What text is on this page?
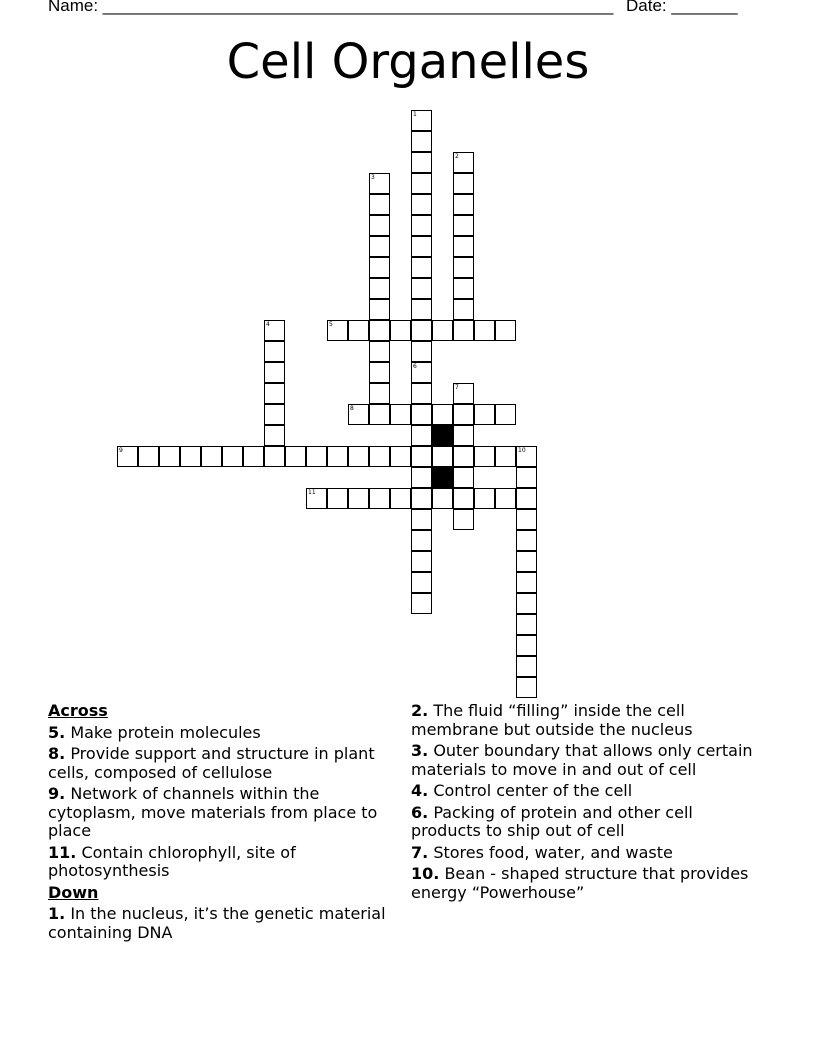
Name: ______________________________________________________ Date: _______
Cell Organelles
1
6
2
3
4	5
7
8
9	10
11
Across
5. Make protein molecules
8. Provide support and structure in plant cells, composed of cellulose
9. Network of channels within the cytoplasm, move materials from place to place
11. Contain chlorophyll, site of photosynthesis
Down
1. In the nucleus, it’s the genetic material containing DNA
2. The fluid “filling” inside the cell membrane but outside the nucleus
3. Outer boundary that allows only certain materials to move in and out of cell
4. Control center of the cell
6. Packing of protein and other cell products to ship out of cell
7. Stores food, water, and waste
10. Bean - shaped structure that provides energy “Powerhouse”
